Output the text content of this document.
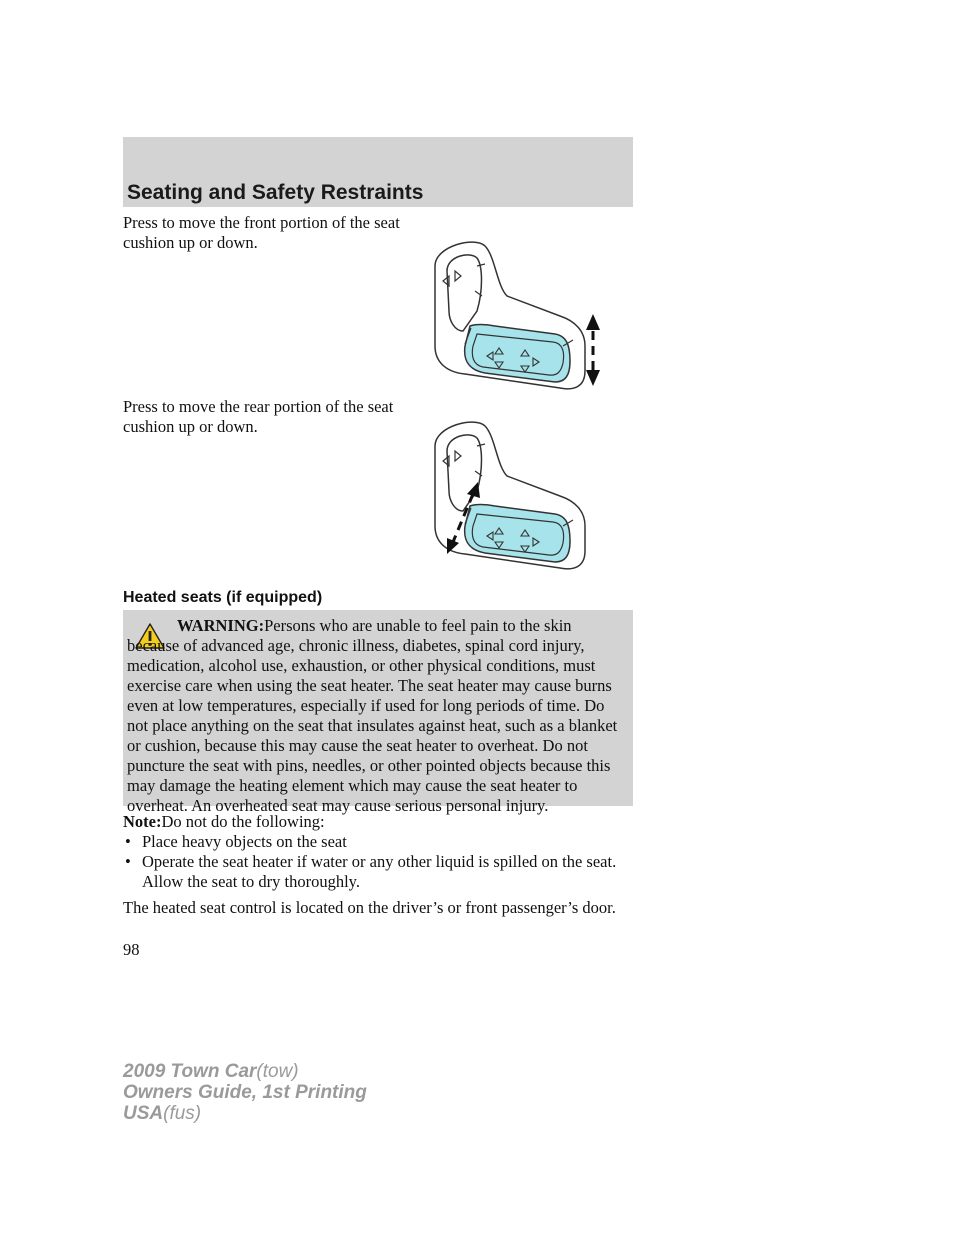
Seating and Safety Restraints
Press to move the front portion of the seat cushion up or down.
Press to move the rear portion of the seat cushion up or down.
Heated seats (if equipped)
WARNING:Persons who are unable to feel pain to the skin because of advanced age, chronic illness, diabetes, spinal cord injury, medication, alcohol use, exhaustion, or other physical conditions, must exercise care when using the seat heater. The seat heater may cause burns even at low temperatures, especially if used for long periods of time. Do not place anything on the seat that insulates against heat, such as a blanket or cushion, because this may cause the seat heater to overheat. Do not puncture the seat with pins, needles, or other pointed objects because this may damage the heating element which may cause the seat heater to overheat. An overheated seat may cause serious personal injury.

Note:Do not do the following:

• Place heavy objects on the seat

• Operate the seat heater if water or any other liquid is spilled on the seat. Allow the seat to dry thoroughly.

The heated seat control is located on the driver’s or front passenger’s door.

98
2009 Town Car(tow)
Owners Guide, 1st Printing
USA(fus)
